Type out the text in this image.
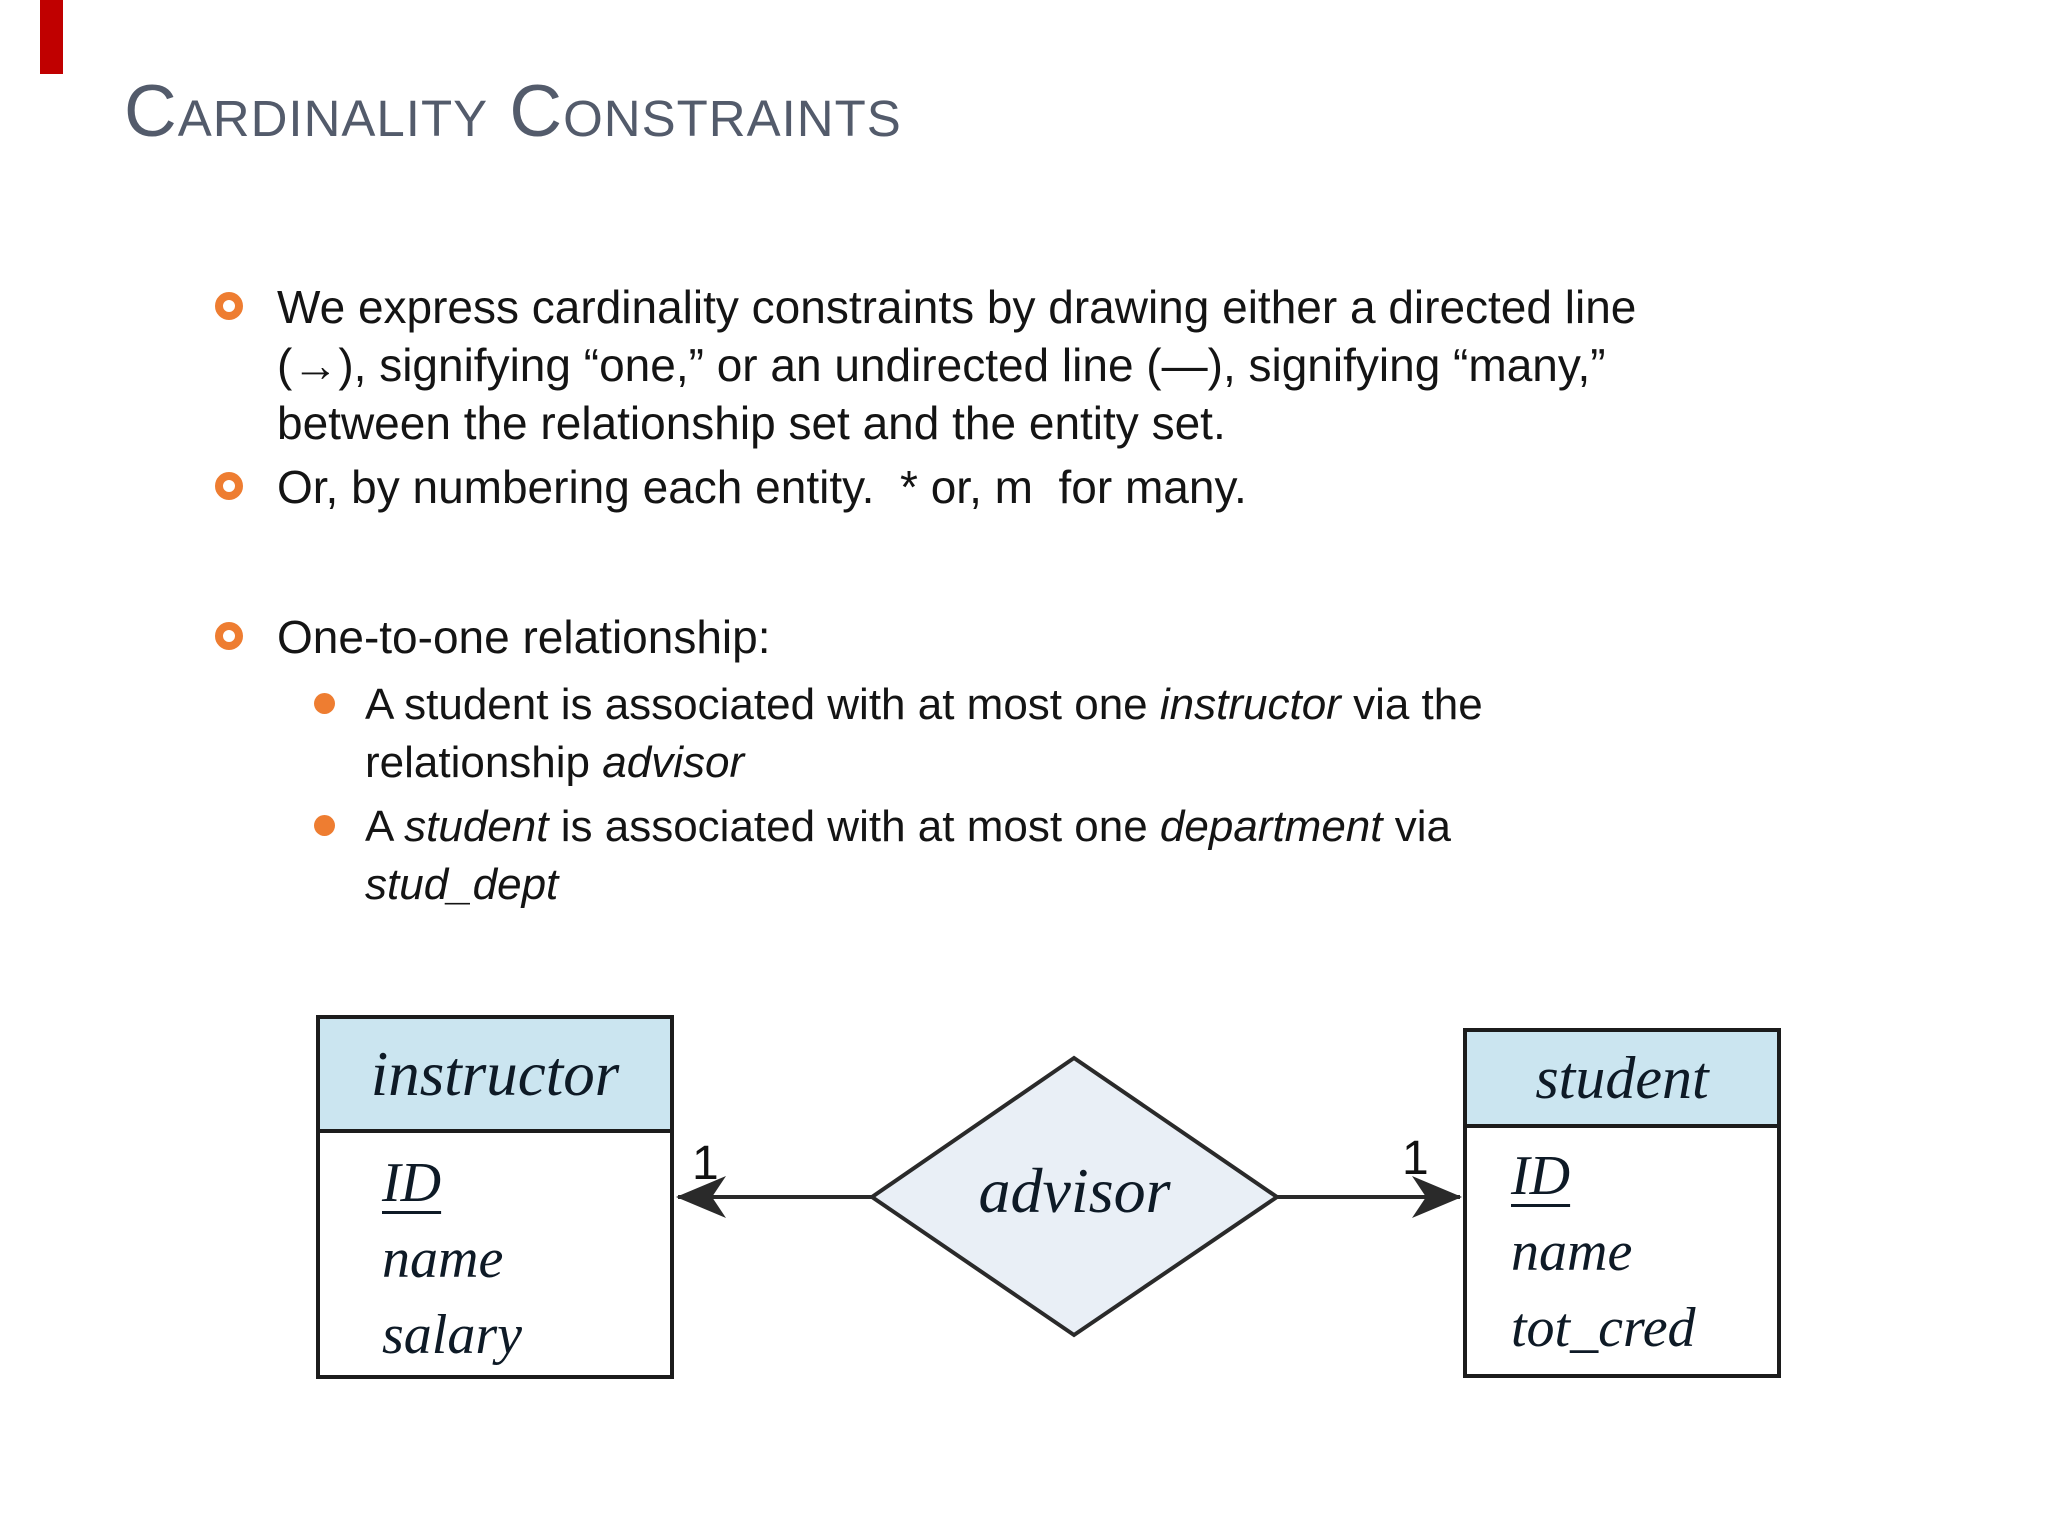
Cardinality Constraints
We express cardinality constraints by drawing either a directed line
(→), signifying “one,” or an undirected line (—), signifying “many,”
between the relationship set and the entity set.
Or, by numbering each entity.  * or, m  for many.
One-to-one relationship:
A student is associated with at most one instructor via the
relationship advisor
A student is associated with at most one department via
stud_dept
instructor
ID
name
salary
student
ID
name
tot_cred
advisor
1	1
